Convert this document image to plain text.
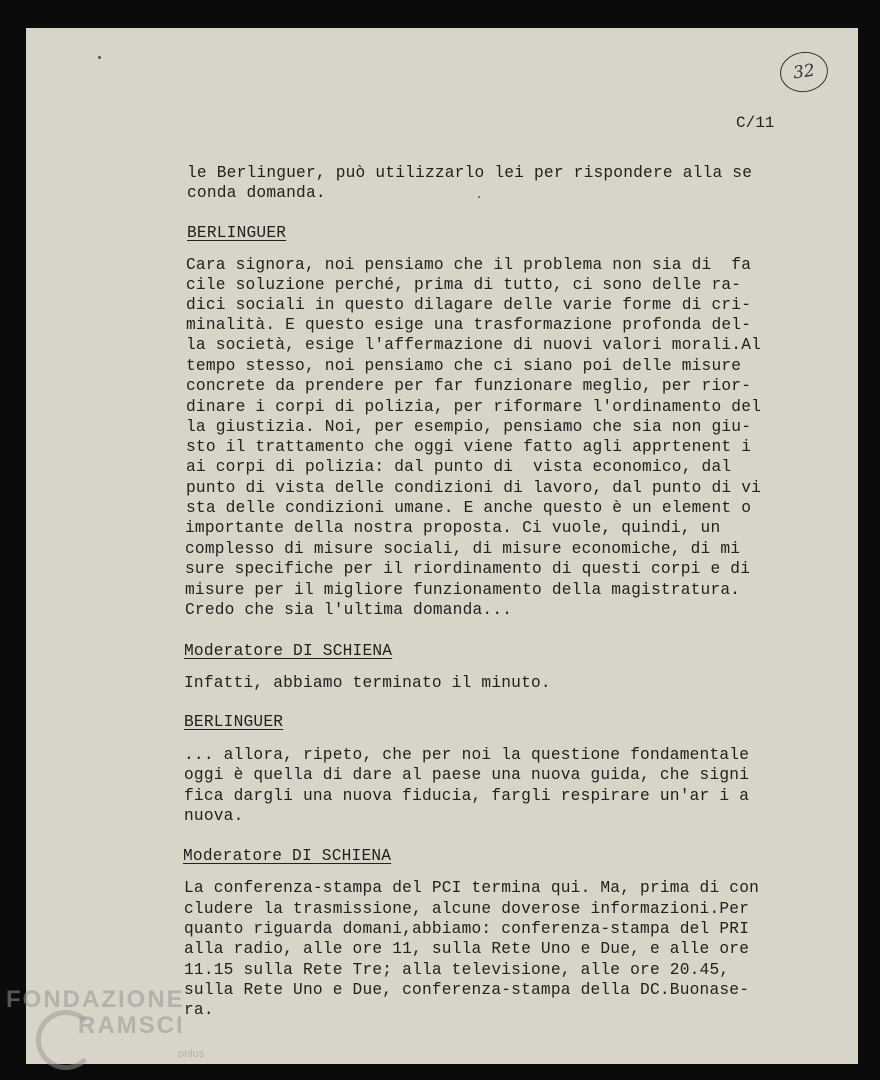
32
C/11

le Berlinguer, può utilizzarlo lei per rispondere alla se

conda domanda.

BERLINGUER

Cara signora, noi pensiamo che il problema non sia di  fa

cile soluzione perché, prima di tutto, ci sono delle ra-

dici sociali in questo dilagare delle varie forme di cri-

minalità. E questo esige una trasformazione profonda del-

la società, esige l'affermazione di nuovi valori morali.Al

tempo stesso, noi pensiamo che ci siano poi delle misure

concrete da prendere per far funzionare meglio, per rior-

dinare i corpi di polizia, per riformare l'ordinamento del

la giustizia. Noi, per esempio, pensiamo che sia non giu-

sto il trattamento che oggi viene fatto agli apprtenent i

ai corpi di polizia: dal punto di  vista economico, dal

punto di vista delle condizioni di lavoro, dal punto di vi

sta delle condizioni umane. E anche questo è un element o

importante della nostra proposta. Ci vuole, quindi, un

complesso di misure sociali, di misure economiche, di mi

sure specifiche per il riordinamento di questi corpi e di

misure per il migliore funzionamento della magistratura.

Credo che sia l'ultima domanda...

Moderatore DI SCHIENA

Infatti, abbiamo terminato il minuto.

BERLINGUER

... allora, ripeto, che per noi la questione fondamentale

oggi è quella di dare al paese una nuova guida, che signi

fica dargli una nuova fiducia, fargli respirare un'ar i a

nuova.

Moderatore DI SCHIENA

La conferenza-stampa del PCI termina qui. Ma, prima di con

cludere la trasmissione, alcune doverose informazioni.Per

quanto riguarda domani,abbiamo: conferenza-stampa del PRI

alla radio, alle ore 11, sulla Rete Uno e Due, e alle ore

11.15 sulla Rete Tre; alla televisione, alle ore 20.45,

sulla Rete Uno e Due, conferenza-stampa della DC.Buonase-

ra.

FONDAZIONE
RAMSCI
onlus
